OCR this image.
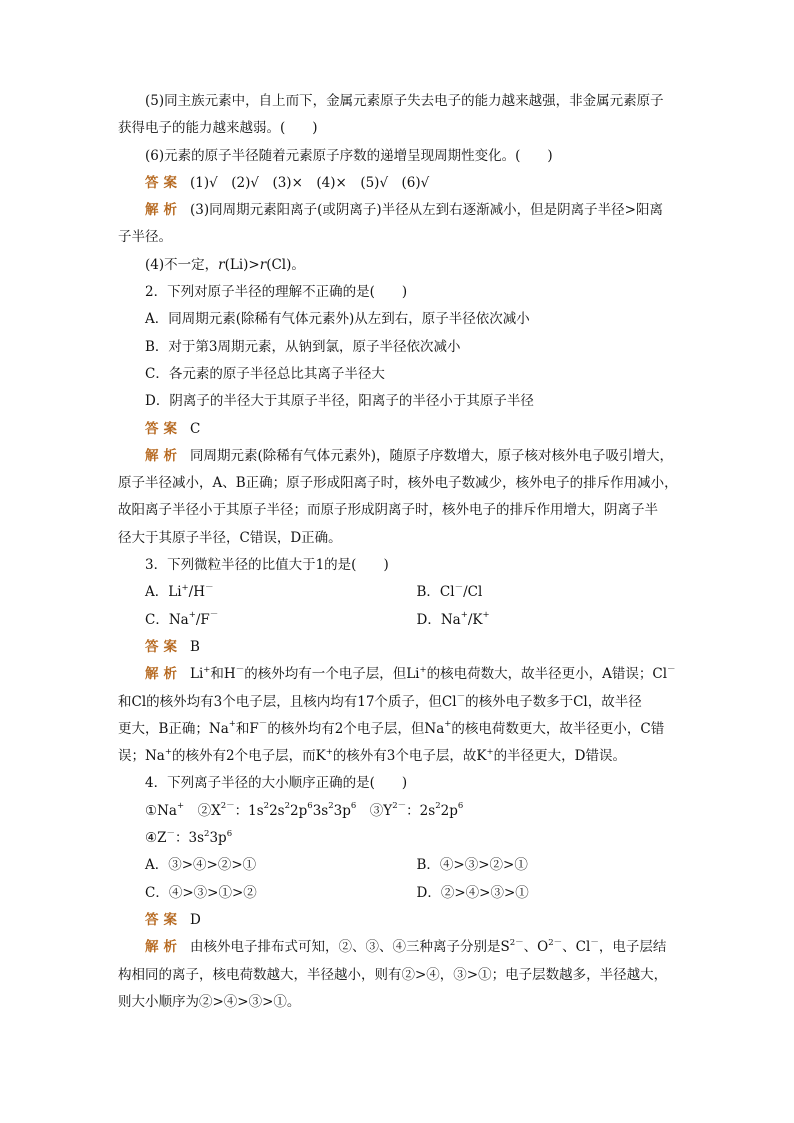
(5)同主族元素中，自上而下，金属元素原子失去电子的能力越来越强，非金属元素原子

获得电子的能力越来越弱。(　　)

(6)元素的原子半径随着元素原子序数的递增呈现周期性变化。(　　)

答案 (1)√　(2)√　(3)×　(4)×　(5)√　(6)√

解析 (3)同周期元素阳离子(或阴离子)半径从左到右逐渐减小，但是阴离子半径>阳离

子半径。

(4)不一定，r(Li)>r(Cl)。

2．下列对原子半径的理解不正确的是(　　)

A．同周期元素(除稀有气体元素外)从左到右，原子半径依次减小

B．对于第3周期元素，从钠到氯，原子半径依次减小

C．各元素的原子半径总比其离子半径大

D．阴离子的半径大于其原子半径，阳离子的半径小于其原子半径

答案 C

解析 同周期元素(除稀有气体元素外)，随原子序数增大，原子核对核外电子吸引增大，

原子半径减小，A、B正确；原子形成阳离子时，核外电子数减少，核外电子的排斥作用减小，

故阳离子半径小于其原子半径；而原子形成阴离子时，核外电子的排斥作用增大，阴离子半

径大于其原子半径，C错误，D正确。

3．下列微粒半径的比值大于1的是(　　)

A．Li+/H－	B．Cl－/Cl
C．Na+/F－	D．Na+/K+

答案 B

解析 Li+和H－的核外均有一个电子层，但Li+的核电荷数大，故半径更小，A错误；Cl－

和Cl的核外均有3个电子层，且核内均有17个质子，但Cl－的核外电子数多于Cl，故半径

更大，B正确；Na+和F－的核外均有2个电子层，但Na+的核电荷数更大，故半径更小，C错

误；Na+的核外有2个电子层，而K+的核外有3个电子层，故K+的半径更大，D错误。

4．下列离子半径的大小顺序正确的是(　　)

①Na+　$②X^{2-}$：$1s^22s^22p^63s^23p^6$　$③Y^{2-}$：$2s^22p^6$

④Z－：$3s^23p^6$

A．③>④>②>①	B．④>③>②>①
C．④>③>①>②	D．②>④>③>①

答案 D

解析 由核外电子排布式可知，②、③、④三种离子分别是$S^{2-}$、$O^{2-}$、Cl－，电子层结

构相同的离子，核电荷数越大，半径越小，则有②>④，③>①；电子层数越多，半径越大，

则大小顺序为②>④>③>①。
